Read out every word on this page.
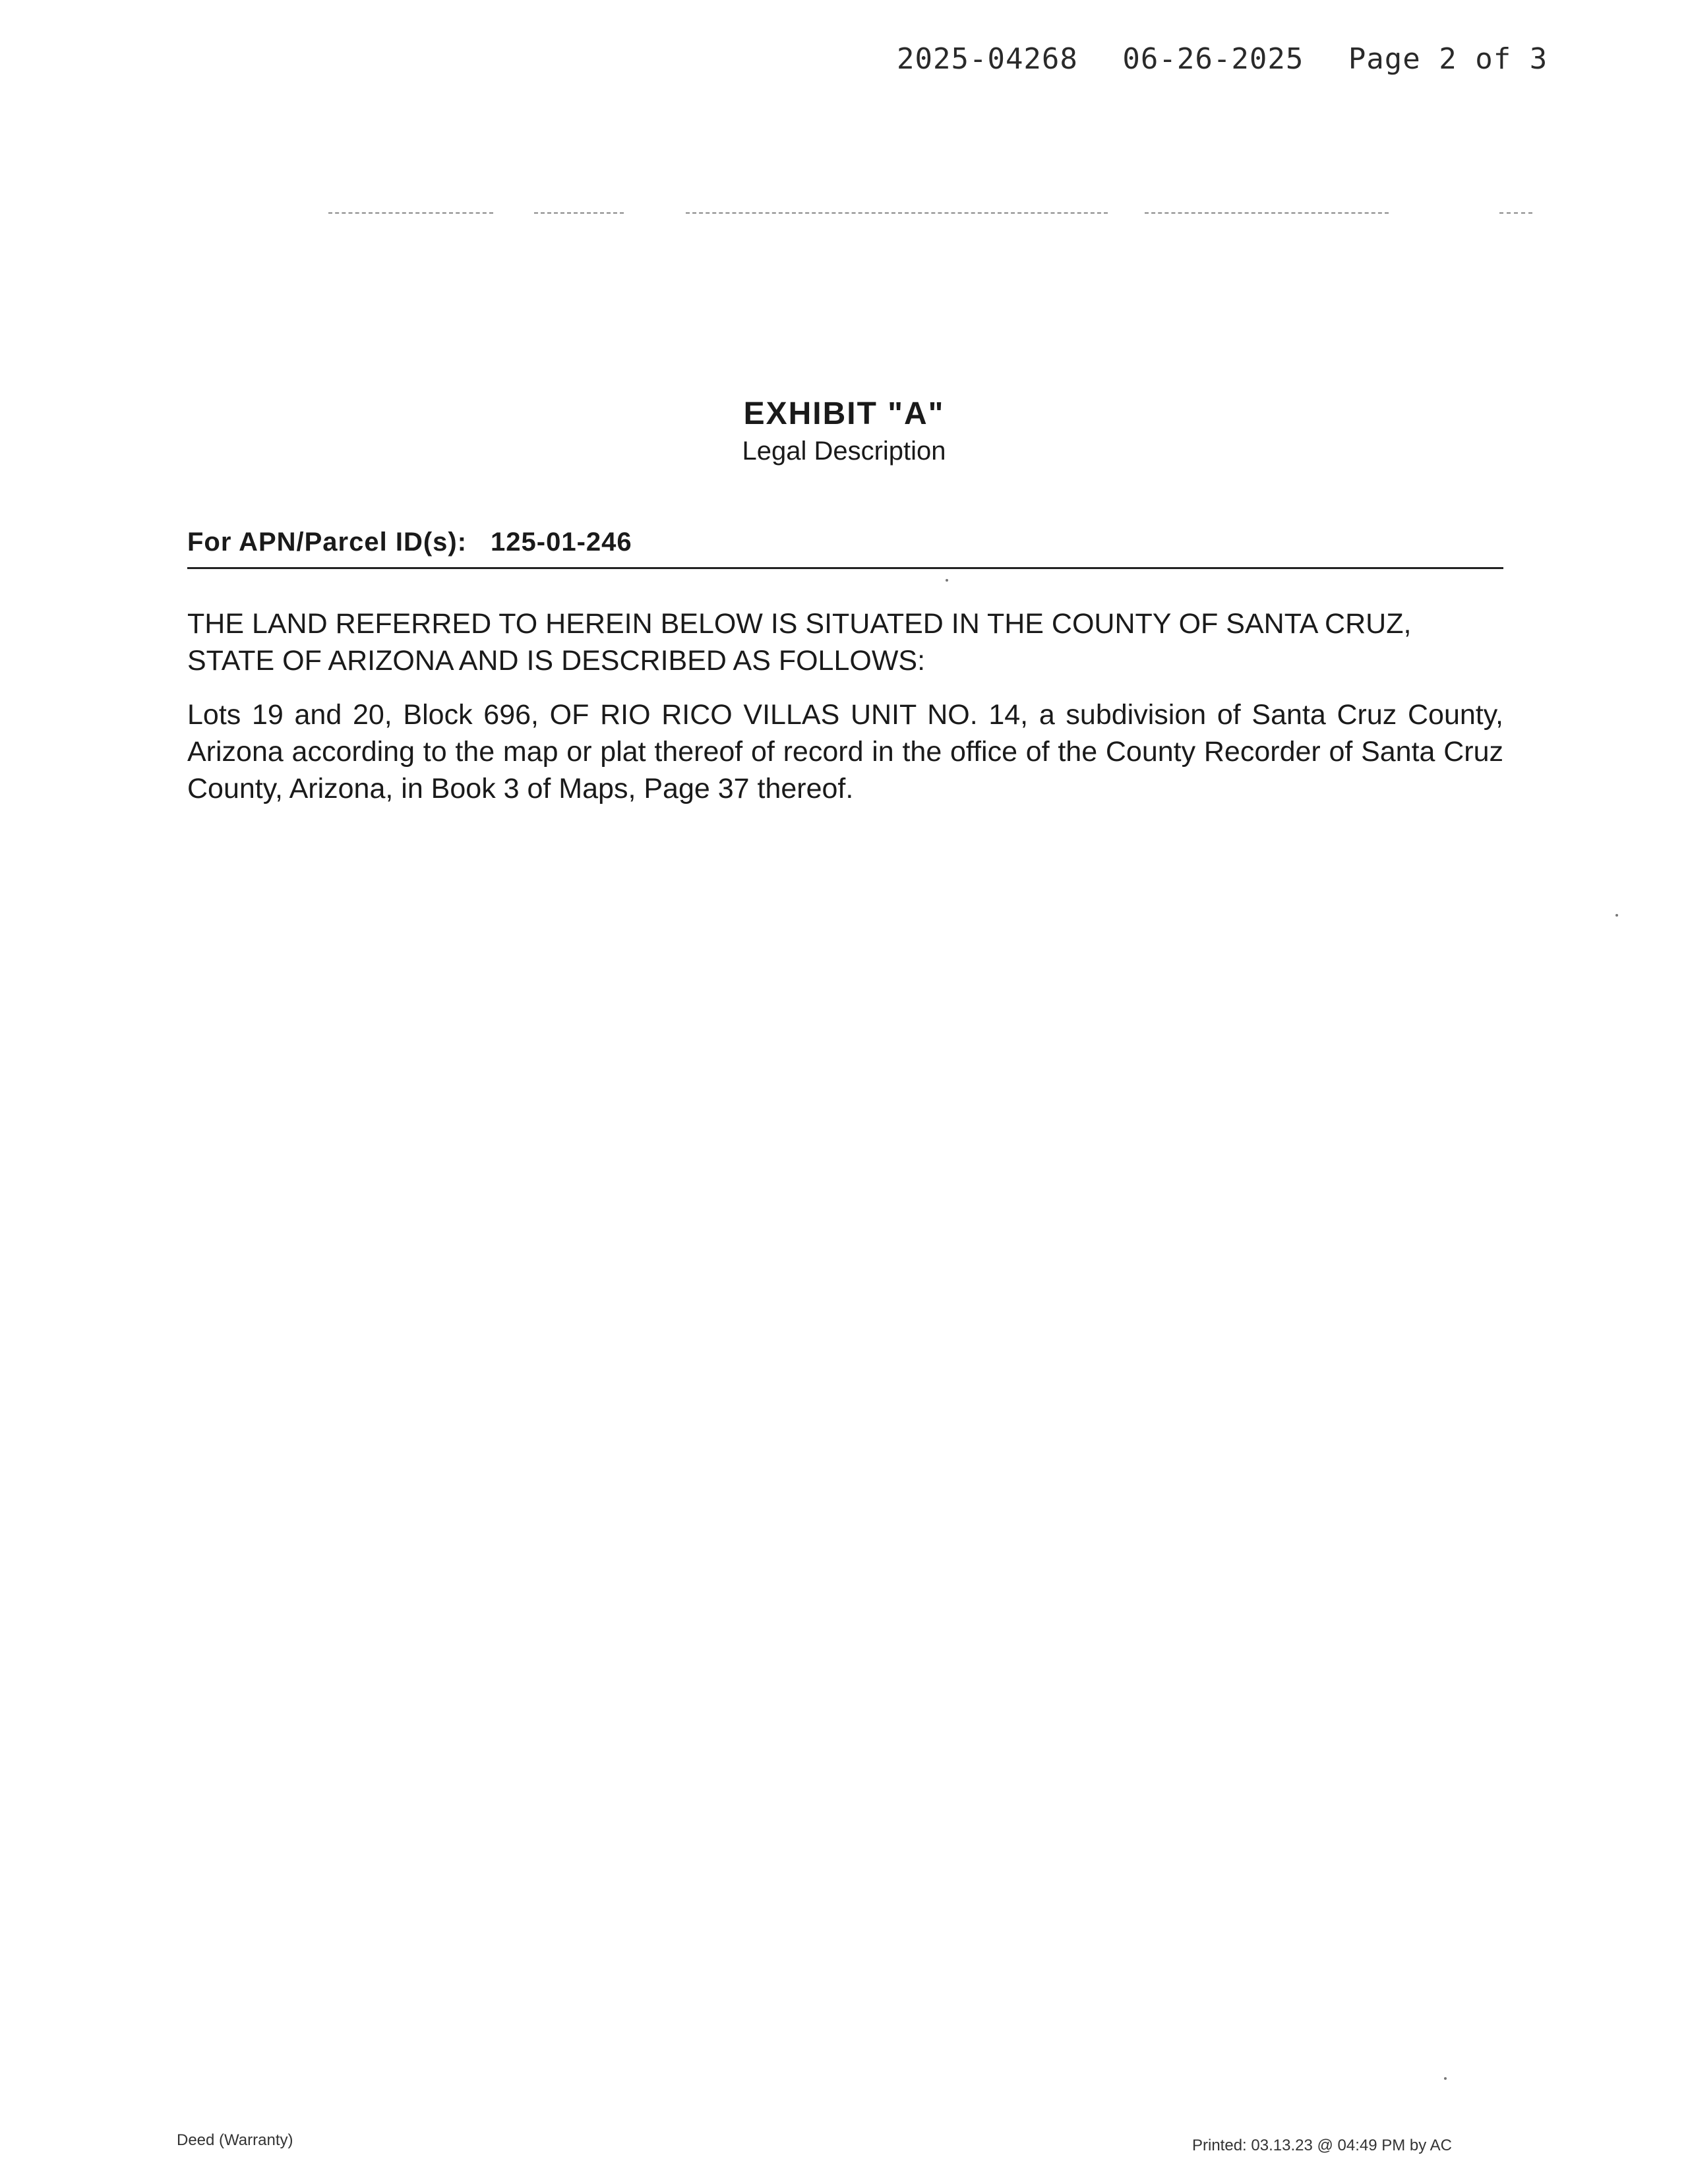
2025-04268 06-26-2025 Page 2 of 3
EXHIBIT "A"
Legal Description
For APN/Parcel ID(s): 125-01-246
THE LAND REFERRED TO HEREIN BELOW IS SITUATED IN THE COUNTY OF SANTA CRUZ, STATE OF ARIZONA AND IS DESCRIBED AS FOLLOWS:
Lots 19 and 20, Block 696, OF RIO RICO VILLAS UNIT NO. 14, a subdivision of Santa Cruz County, Arizona according to the map or plat thereof of record in the office of the County Recorder of Santa Cruz County, Arizona, in Book 3 of Maps, Page 37 thereof.
Deed (Warranty)	Printed: 03.13.23 @ 04:49 PM by AC
